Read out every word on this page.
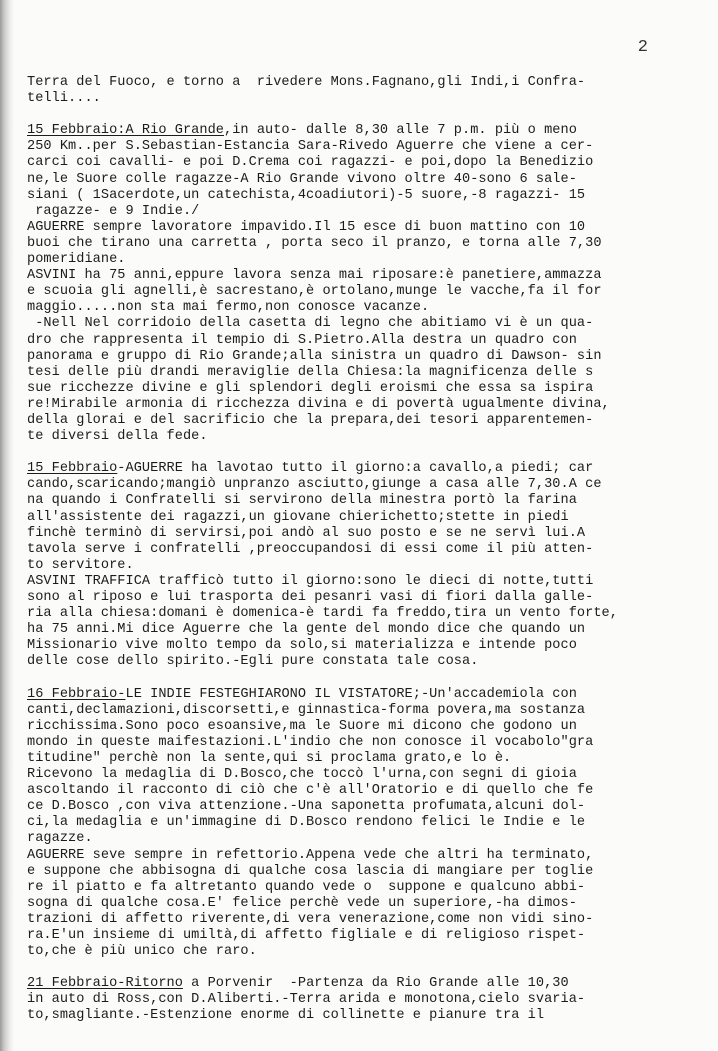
2
Terra del Fuoco, e torno a  rivedere Mons.Fagnano,gli Indi,i Confra-
telli....
15 Febbraio:A Rio Grande,in auto- dalle 8,30 alle 7 p.m. più o meno
250 Km..per S.Sebastian-Estancia Sara-Rivedo Aguerre che viene a cer-
carci coi cavalli- e poi D.Crema coi ragazzi- e poi,dopo la Benedizio
ne,le Suore colle ragazze-A Rio Grande vivono oltre 40-sono 6 sale-
siani ( 1Sacerdote,un catechista,4coadiutori)-5 suore,-8 ragazzi- 15
ragazze- e 9 Indie./
AGUERRE sempre lavoratore impavido.Il 15 esce di buon mattino con 10
buoi che tirano una carretta , porta seco il pranzo, e torna alle 7,30
pomeridiane.
ASVINI ha 75 anni,eppure lavora senza mai riposare:è panetiere,ammazza
e scuoia gli agnelli,è sacrestano,è ortolano,munge le vacche,fa il for
maggio.....non sta mai fermo,non conosce vacanze.
-Nell Nel corridoio della casetta di legno che abitiamo vi è un qua-
dro che rappresenta il tempio di S.Pietro.Alla destra un quadro con
panorama e gruppo di Rio Grande;alla sinistra un quadro di Dawson- sin
tesi delle più drandi meraviglie della Chiesa:la magnificenza delle s
sue ricchezze divine e gli splendori degli eroismi che essa sa ispira
re!Mirabile armonia di ricchezza divina e di povertà ugualmente divina,
della glorai e del sacrificio che la prepara,dei tesori apparentemen-
te diversi della fede.
15 Febbraio-AGUERRE ha lavotao tutto il giorno:a cavallo,a piedi; car
cando,scaricando;mangiò unpranzo asciutto,giunge a casa alle 7,30.A ce
na quando i Confratelli si servirono della minestra portò la farina
all'assistente dei ragazzi,un giovane chierichetto;stette in piedi
finchè terminò di servirsi,poi andò al suo posto e se ne servì lui.A
tavola serve i confratelli ,preoccupandosi di essi come il più atten-
to servitore.
ASVINI TRAFFICA trafficò tutto il giorno:sono le dieci di notte,tutti
sono al riposo e lui trasporta dei pesanri vasi di fiori dalla galle-
ria alla chiesa:domani è domenica-è tardi fa freddo,tira un vento forte,
ha 75 anni.Mi dice Aguerre che la gente del mondo dice che quando un
Missionario vive molto tempo da solo,si materializza e intende poco
delle cose dello spirito.-Egli pure constata tale cosa.
16 Febbraio-LE INDIE FESTEGHIARONO IL VISTATORE;-Un'accademiola con
canti,declamazioni,discorsetti,e ginnastica-forma povera,ma sostanza
ricchissima.Sono poco esoansive,ma le Suore mi dicono che godono un
mondo in queste maifestazioni.L'indio che non conosce il vocabolo"gra
titudine" perchè non la sente,qui si proclama grato,e lo è.
Ricevono la medaglia di D.Bosco,che toccò l'urna,con segni di gioia
ascoltando il racconto di ciò che c'è all'Oratorio e di quello che fe
ce D.Bosco ,con viva attenzione.-Una saponetta profumata,alcuni dol-
ci,la medaglia e un'immagine di D.Bosco rendono felici le Indie e le
ragazze.
AGUERRE seve sempre in refettorio.Appena vede che altri ha terminato,
e suppone che abbisogna di qualche cosa lascia di mangiare per toglie
re il piatto e fa altretanto quando vede o  suppone e qualcuno abbi-
sogna di qualche cosa.E' felice perchè vede un superiore,-ha dimos-
trazioni di affetto riverente,di vera venerazione,come non vidi sino-
ra.E'un insieme di umiltà,di affetto figliale e di religioso rispet-
to,che è più unico che raro.
21 Febbraio-Ritorno a Porvenir  -Partenza da Rio Grande alle 10,30
in auto di Ross,con D.Aliberti.-Terra arida e monotona,cielo svaria-
to,smagliante.-Estenzione enorme di collinette e pianure tra il
